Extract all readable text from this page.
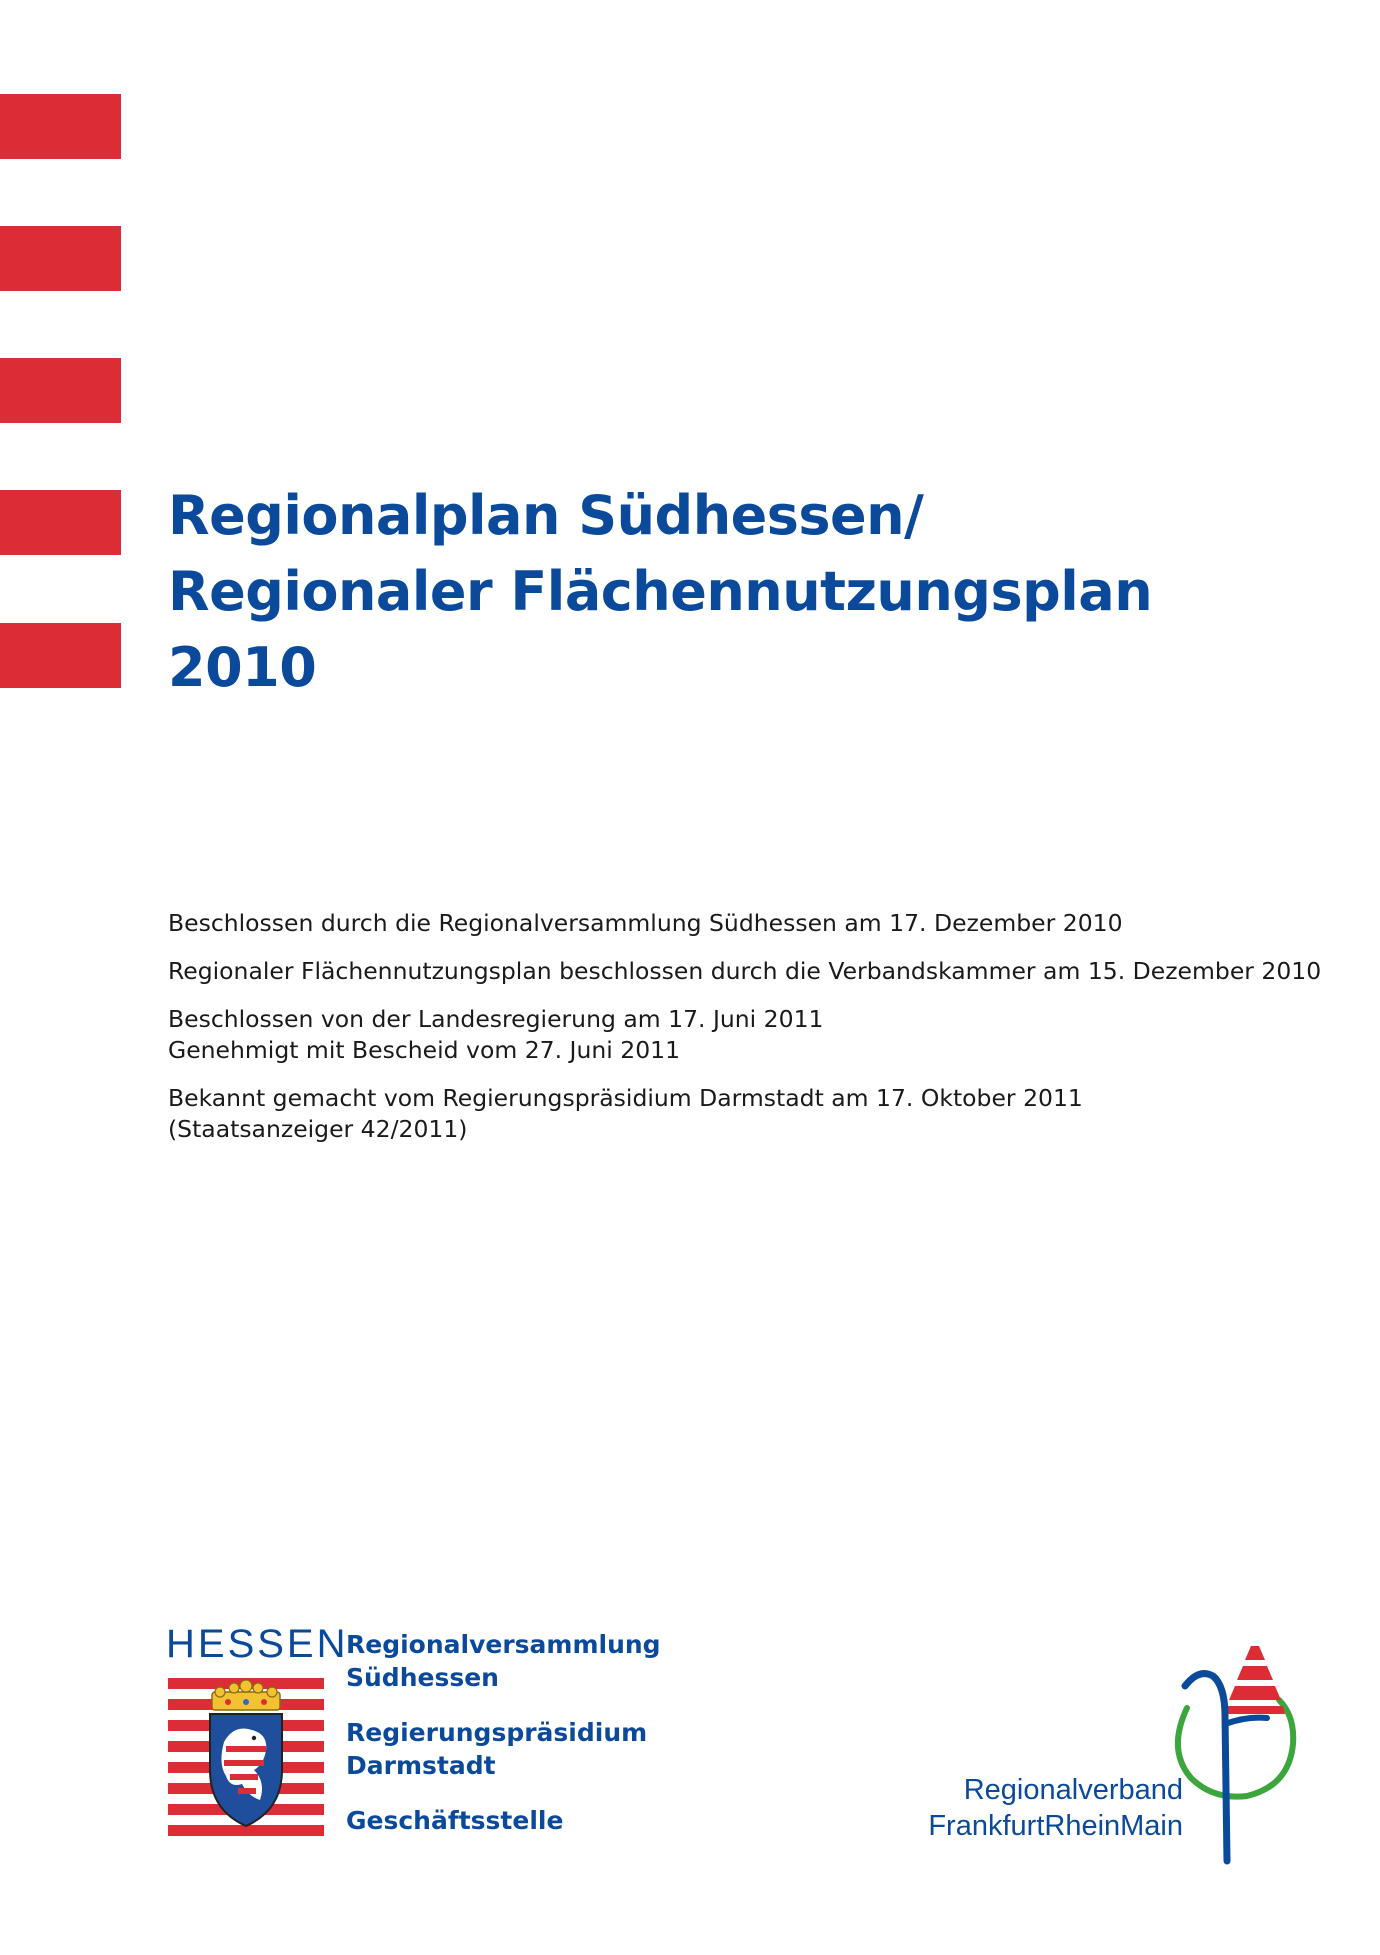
Regionalplan Südhessen/
Regionaler Flächennutzungsplan
2010

Beschlossen durch die Regionalversammlung Südhessen am 17. Dezember 2010

Regionaler Flächennutzungsplan beschlossen durch die Verbandskammer am 15. Dezember 2010

Beschlossen von der Landesregierung am 17. Juni 2011
Genehmigt mit Bescheid vom 27. Juni 2011

Bekannt gemacht vom Regierungspräsidium Darmstadt am 17. Oktober 2011
(Staatsanzeiger 42/2011)

HESSEN
Regionalversammlung
Südhessen
Regierungspräsidium
Darmstadt
Geschäftsstelle
Regionalverband
FrankfurtRheinMain
